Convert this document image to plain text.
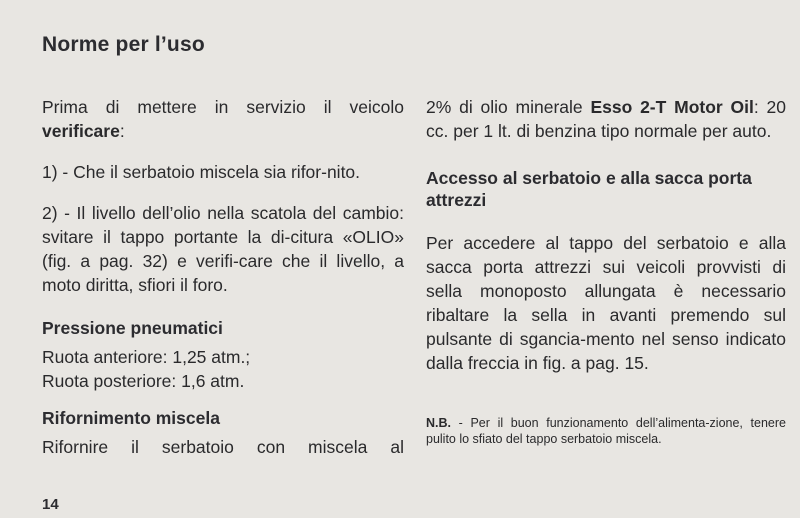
Norme per l’uso

Prima di mettere in servizio il veicolo verificare:

1) - Che il serbatoio miscela sia rifor-nito.

2) - Il livello dell’olio nella scatola del cambio: svitare il tappo portante la di-citura «OLIO» (fig. a pag. 32) e verifi-care che il livello, a moto diritta, sfiori il foro.

Pressione pneumatici

Ruota anteriore: 1,25 atm.;

Ruota posteriore: 1,6 atm.

Rifornimento miscela

Rifornire il serbatoio con miscela al

2% di olio minerale Esso 2-T Motor Oil: 20 cc. per 1 lt. di benzina tipo normale per auto.

Accesso al serbatoio e alla sacca porta attrezzi

Per accedere al tappo del serbatoio e alla sacca porta attrezzi sui veicoli provvisti di sella monoposto allungata è necessario ribaltare la sella in avanti premendo sul pulsante di sgancia-mento nel senso indicato dalla freccia in fig. a pag. 15.

N.B. - Per il buon funzionamento dell’alimenta-zione, tenere pulito lo sfiato del tappo serbatoio miscela.

14
